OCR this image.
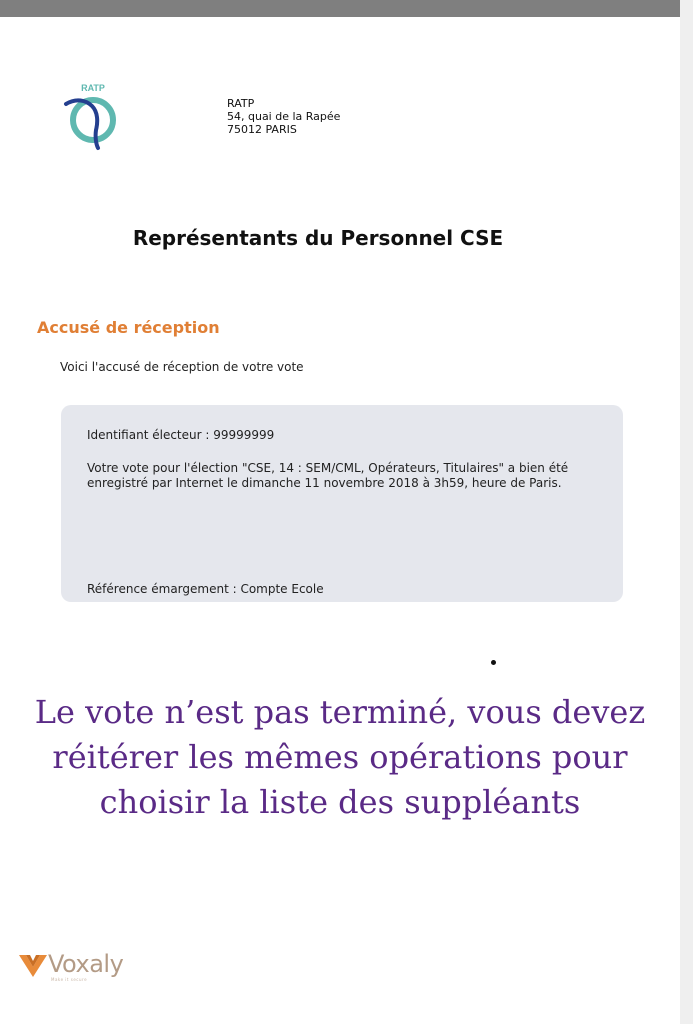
RATP
RATP
54, quai de la Rapée
75012 PARIS
Représentants du Personnel CSE
Accusé de réception
Voici l'accusé de réception de votre vote
Identifiant électeur : 99999999
Votre vote pour l'élection "CSE, 14 : SEM/CML, Opérateurs, Titulaires" a bien été enregistré par Internet le dimanche 11 novembre 2018 à 3h59, heure de Paris.
Référence émargement : Compte Ecole
Le vote n’est pas terminé, vous devez réitérer les mêmes opérations pour choisir la liste des suppléants
Voxaly
Make it secure
